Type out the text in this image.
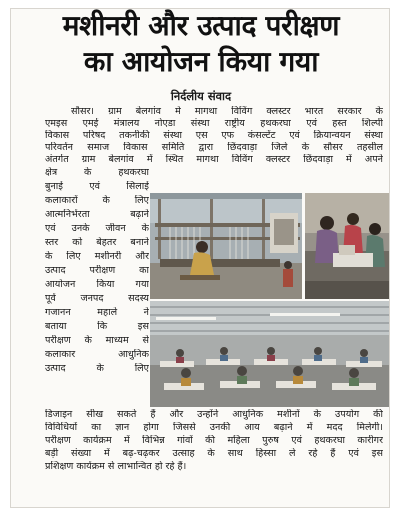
मशीनरी और उत्पाद परीक्षण
का आयोजन किया गया
निर्दलीय संवाद
सौसर। ग्राम बेलगांव मे मागथा विविंग क्लस्टर भारत सरकार के
एमइस एमई मंत्रालय नोएडा संस्था राष्ट्रीय हथकरघा एवं हस्त शिल्पी
विकास परिषद तकनीकी संस्था एस एफ कंसल्टेंट एवं क्रियान्वयन संस्था
परिवर्तन समाज विकास समिति द्वारा छिंदवाड़ा जिले के सौसर तहसील
अंतर्गत ग्राम बेलगांव में स्थित मागथा विविंग क्लस्टर छिंदवाड़ा में अपने
क्षेत्र के हथकरघा
बुनाई एवं सिलाई
कलाकारों के लिए
आत्मनिर्भरता बढ़ाने
एवं उनके जीवन के
स्तर को बेहतर बनाने
के लिए मशीनरी और
उत्पाद परीक्षण का
आयोजन किया गया
पूर्व जनपद सदस्य
गजानन महाले ने
बताया कि इस
परीक्षण के माध्यम से
कलाकार आधुनिक
उत्पाद के लिए
डिजाइन सीख सकते हैं और उन्होंने आधुनिक मशीनों के उपयोग की
विविधियों का ज्ञान होगा जिससे उनकी आय बढ़ाने में मदद मिलेगी।
परीक्षण कार्यक्रम में विभिन्न गांवों की महिला पुरुष एवं हथकरघा कारीगर
बड़ी संख्या में बढ़-चढ़कर उत्साह के साथ हिस्सा ले रहे हैं एवं इस
प्रशिक्षण कार्यक्रम से लाभान्वित हो रहे हैं।
